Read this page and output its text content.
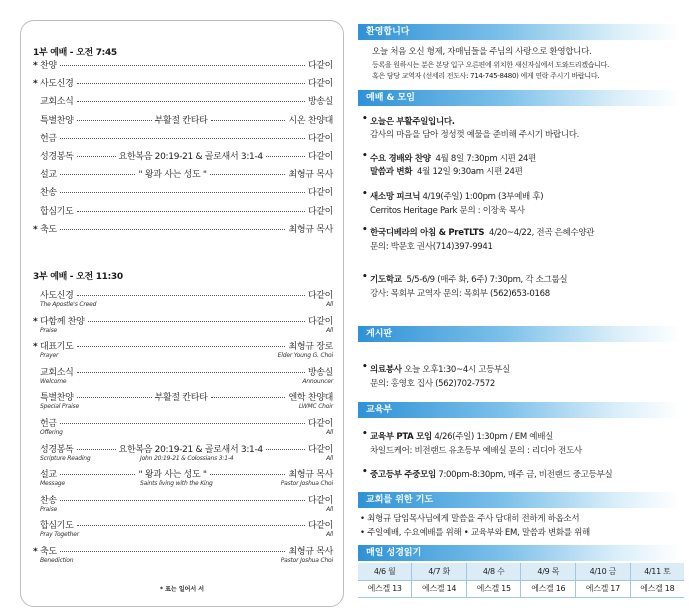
1부 예배 - 오전 7:45
* 찬양	다같이
* 사도신경	다같이
교회소식	방송실
특별찬양	부활절 칸타타	시온 찬양대
헌금	다같이
성경봉독	요한복음 20:19-21 & 골로새서 3:1-4	다같이
설교	" 왕과 사는 성도 "	최형규 목사
찬송	다같이
합심기도	다같이
* 축도	최형규 목사
3부 예배 - 오전 11:30
사도신경	다같이
The Apostle's Creed	All
* 다함께 찬양	다같이
Praise	All
* 대표기도	최형규 장로
Prayer	Elder Young G. Choi
교회소식	방송실
Welcome	Announcer
특별찬양	부활절 칸타타	엔학 찬양대
Special Praise	LWMC Choir
헌금	다같이
Offering	All
성경봉독	요한복음 20:19-21 & 골로새서 3:1-4	다같이
Scripture Reading	John 20:19-21 & Colossians 3:1-4	All
설교	" 왕과 사는 성도 "	최형규 목사
Message	Saints living with the King	Pastor Joshua Choi
찬송	다같이
Praise	All
합심기도	다같이
Pray Together	All
* 축도	최형규 목사
Benediction	Pastor Joshua Choi
* 표는 일어서 서
환영합니다
오늘 처음 오신 형제, 자매님들을 주님의 사랑으로 환영합니다.
등록을 원하시는 분은 본당 입구 오른편에 위치한 새신자실에서 도와드리겠습니다.
혹은 담당 교역자 (선세리 전도사: 714-745-8480) 에게 연락 주시기 바랍니다.
예배 & 모임
• 오늘은 부활주일입니다.
감사의 마음을 담아 정성껏 예물을 준비해 주시기 바랍니다.
• 수요 경배와 찬양 4월 8일 7:30pm 시편 24편
말씀과 변화 4월 12일 9:30am 시편 24편
• 새소망 피크닉 4/19(주일) 1:00pm (3부예배 후)
Cerritos Heritage Park 문의 : 이장욱 목사
• 한국디베라의 아침 & PreTLTS 4/20~4/22, 전곡 은혜수양관
문의: 박문호 권사(714)397-9941
• 기도학교 5/5-6/9 (매주 화, 6주) 7:30pm, 각 소그룹실
강사: 목회부 교역자 문의: 목회부 (562)653-0168
게시판
• 의료봉사 오늘 오후1:30~4시 고등부실
문의: 홍영호 집사 (562)702-7572
교육부
• 교육부 PTA 모임 4/26(주일) 1:30pm / EM 예배실
차일드케어: 비전랜드 유초등부 예배실 문의 : 리디아 전도사
• 중고등부 주중모임 7:00pm-8:30pm, 매주 금, 비전랜드 중고등부실
교회를 위한 기도
• 최형규 담임목사님에게 말씀을 주사 담대히 전하게 하옵소서
• 주일예배, 수요예배를 위해 • 교육부와 EM, 말씀과 변화를 위해
매일 성경읽기
4/6 월	4/7 화	4/8 수	4/9 목	4/10 금	4/11 토
에스겔 13	에스겔 14	에스겔 15	에스겔 16	에스겔 17	에스겔 18
